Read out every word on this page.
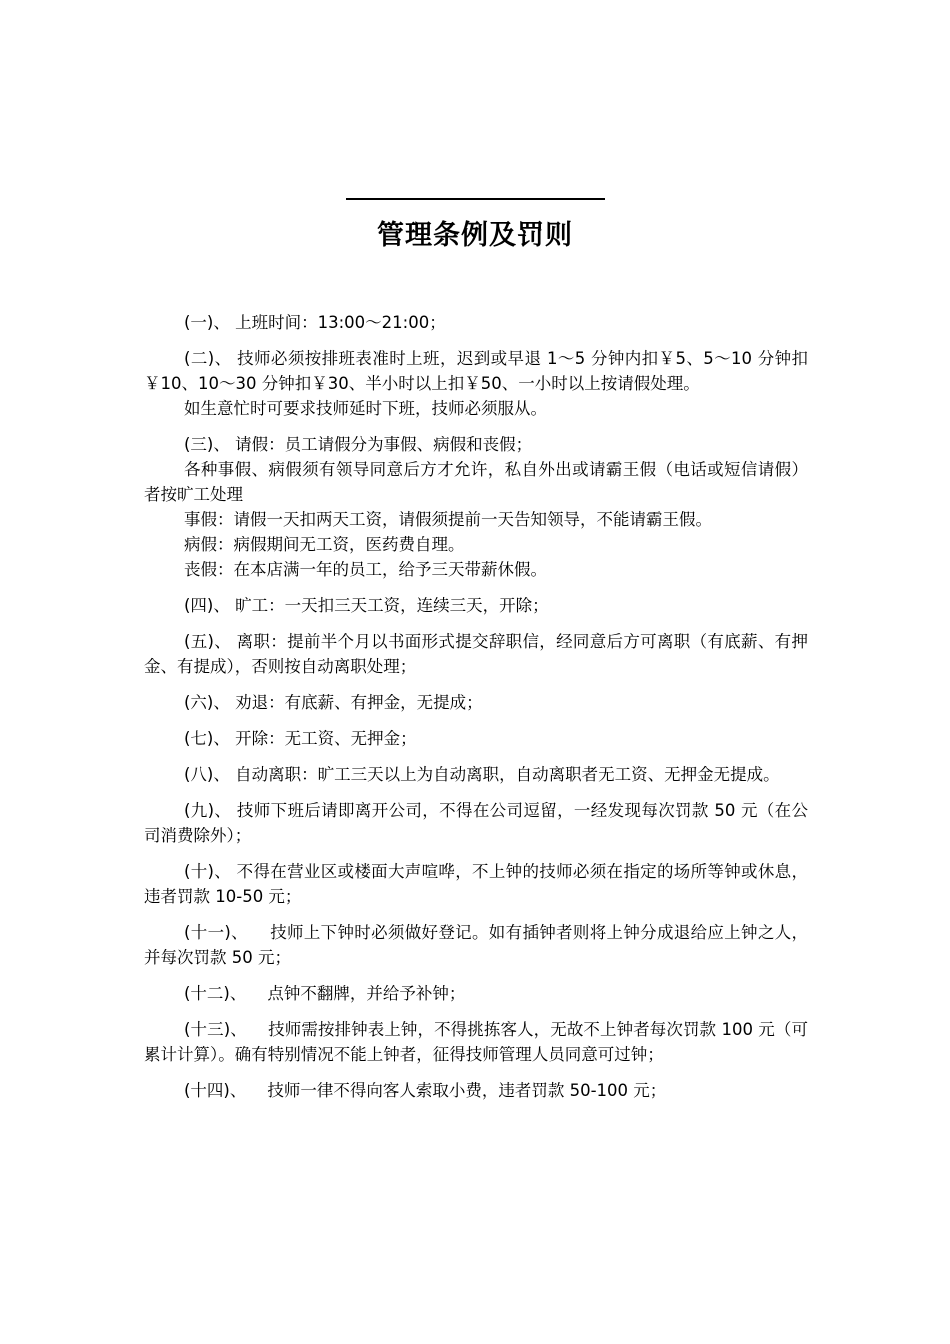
管理条例及罚则

(一)、 上班时间：13:00～21:00；

(二)、 技师必须按排班表准时上班，迟到或早退 1～5 分钟内扣￥5、5～10 分钟扣￥10、10～30 分钟扣￥30、半小时以上扣￥50、一小时以上按请假处理。

如生意忙时可要求技师延时下班，技师必须服从。

(三)、 请假：员工请假分为事假、病假和丧假；

各种事假、病假须有领导同意后方才允许，私自外出或请霸王假（电话或短信请假）者按旷工处理

事假：请假一天扣两天工资，请假须提前一天告知领导，不能请霸王假。

病假：病假期间无工资，医药费自理。

丧假：在本店满一年的员工，给予三天带薪休假。

(四)、 旷工：一天扣三天工资，连续三天，开除；

(五)、 离职：提前半个月以书面形式提交辞职信，经同意后方可离职（有底薪、有押金、有提成），否则按自动离职处理；

(六)、 劝退：有底薪、有押金，无提成；

(七)、 开除：无工资、无押金；

(八)、 自动离职：旷工三天以上为自动离职，自动离职者无工资、无押金无提成。

(九)、 技师下班后请即离开公司，不得在公司逗留，一经发现每次罚款 50 元（在公司消费除外）；

(十)、 不得在营业区或楼面大声喧哗，不上钟的技师必须在指定的场所等钟或休息，违者罚款 10-50 元；

(十一)、    技师上下钟时必须做好登记。如有插钟者则将上钟分成退给应上钟之人，并每次罚款 50 元；

(十二)、    点钟不翻牌，并给予补钟；

(十三)、    技师需按排钟表上钟，不得挑拣客人，无故不上钟者每次罚款 100 元（可累计计算）。确有特别情况不能上钟者，征得技师管理人员同意可过钟；

(十四)、    技师一律不得向客人索取小费，违者罚款 50-100 元；
